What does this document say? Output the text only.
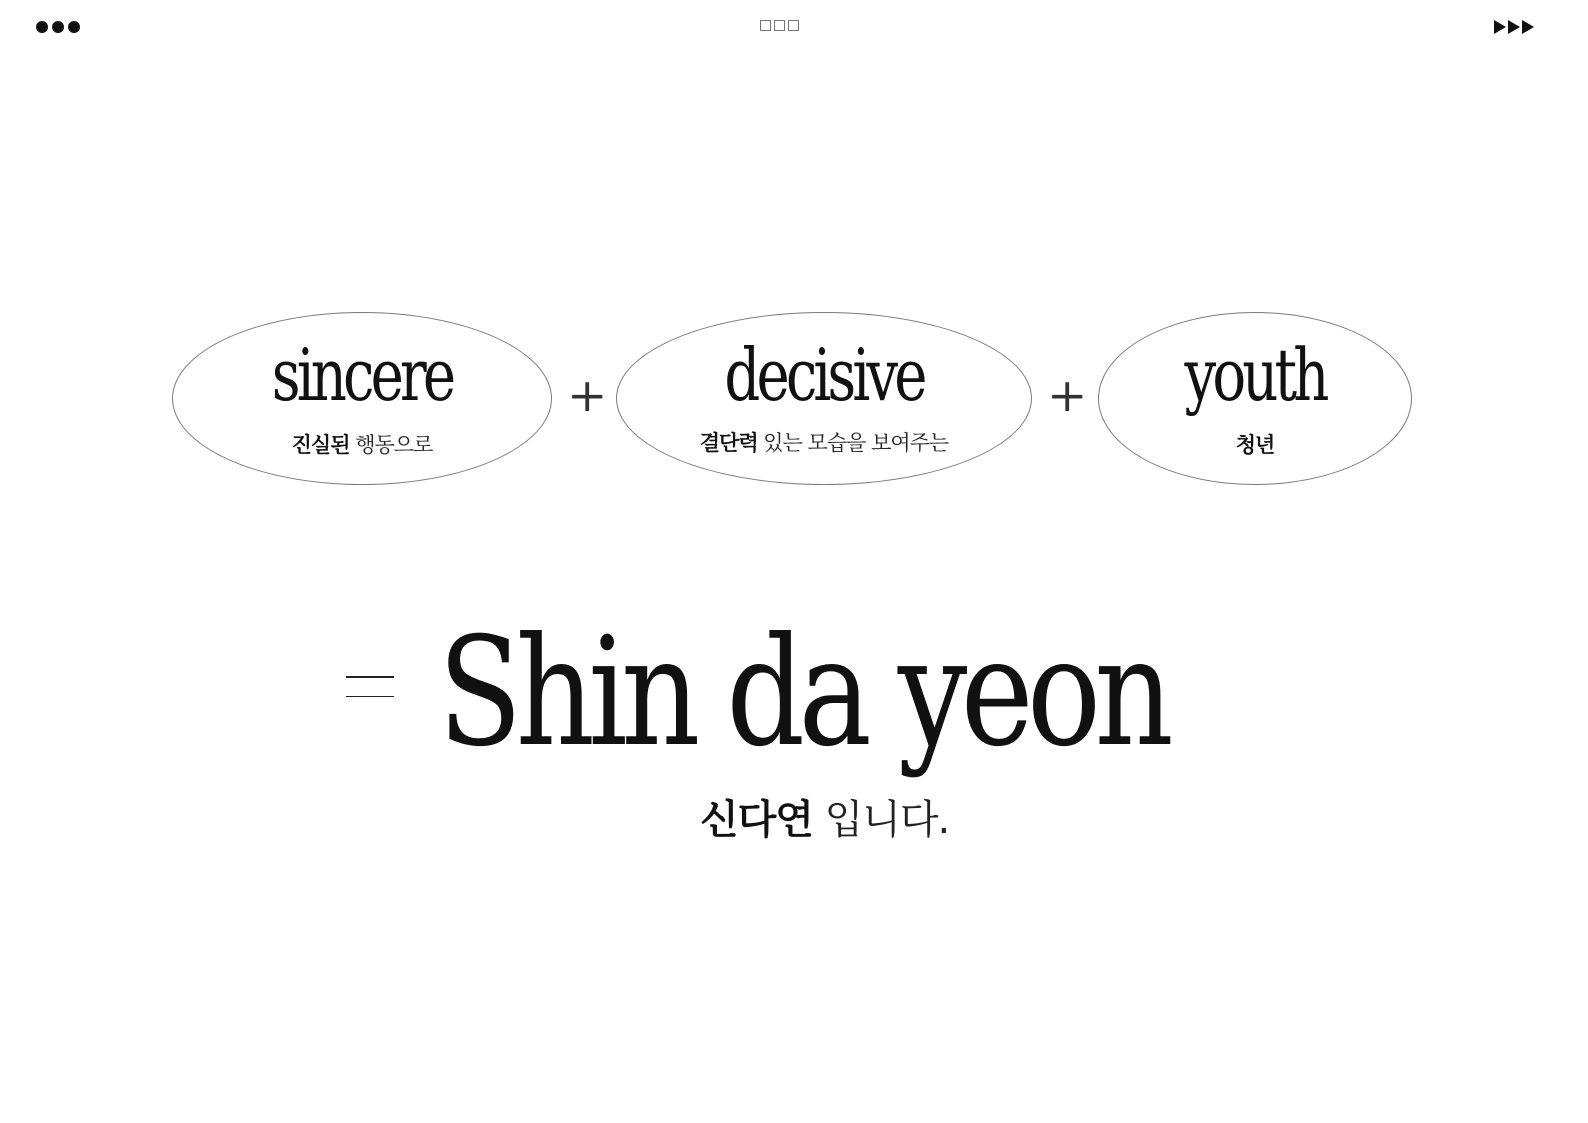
sincere
진실된 행동으로
+	decisive
결단력 있는 모습을 보여주는
+	youth
청년
Shin da yeon
신다연 입니다.
